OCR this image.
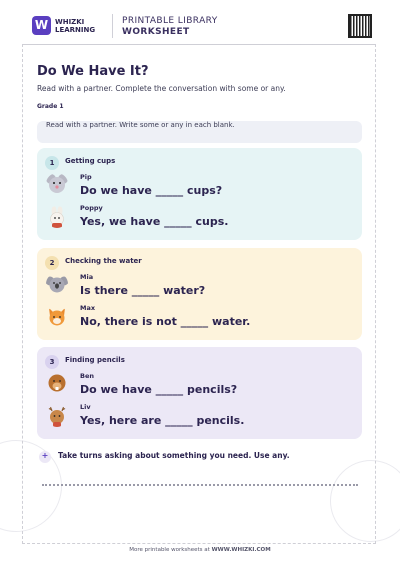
W WHIZKI
LEARNING
PRINTABLE LIBRARY
WORKSHEET
Do We Have It?
Read with a partner. Complete the conversation with some or any.
Grade 1
Read with a partner. Write some or any in each blank.
1	Getting cups
Pip
Do we have _____ cups?
Poppy
Yes, we have _____ cups.
2	Checking the water
Mia
Is there _____ water?
Max
No, there is not _____ water.
3	Finding pencils
Ben
Do we have _____ pencils?
Liv
Yes, here are _____ pencils.
+	Take turns asking about something you need. Use any.
More printable worksheets at WWW.WHIZKI.COM
